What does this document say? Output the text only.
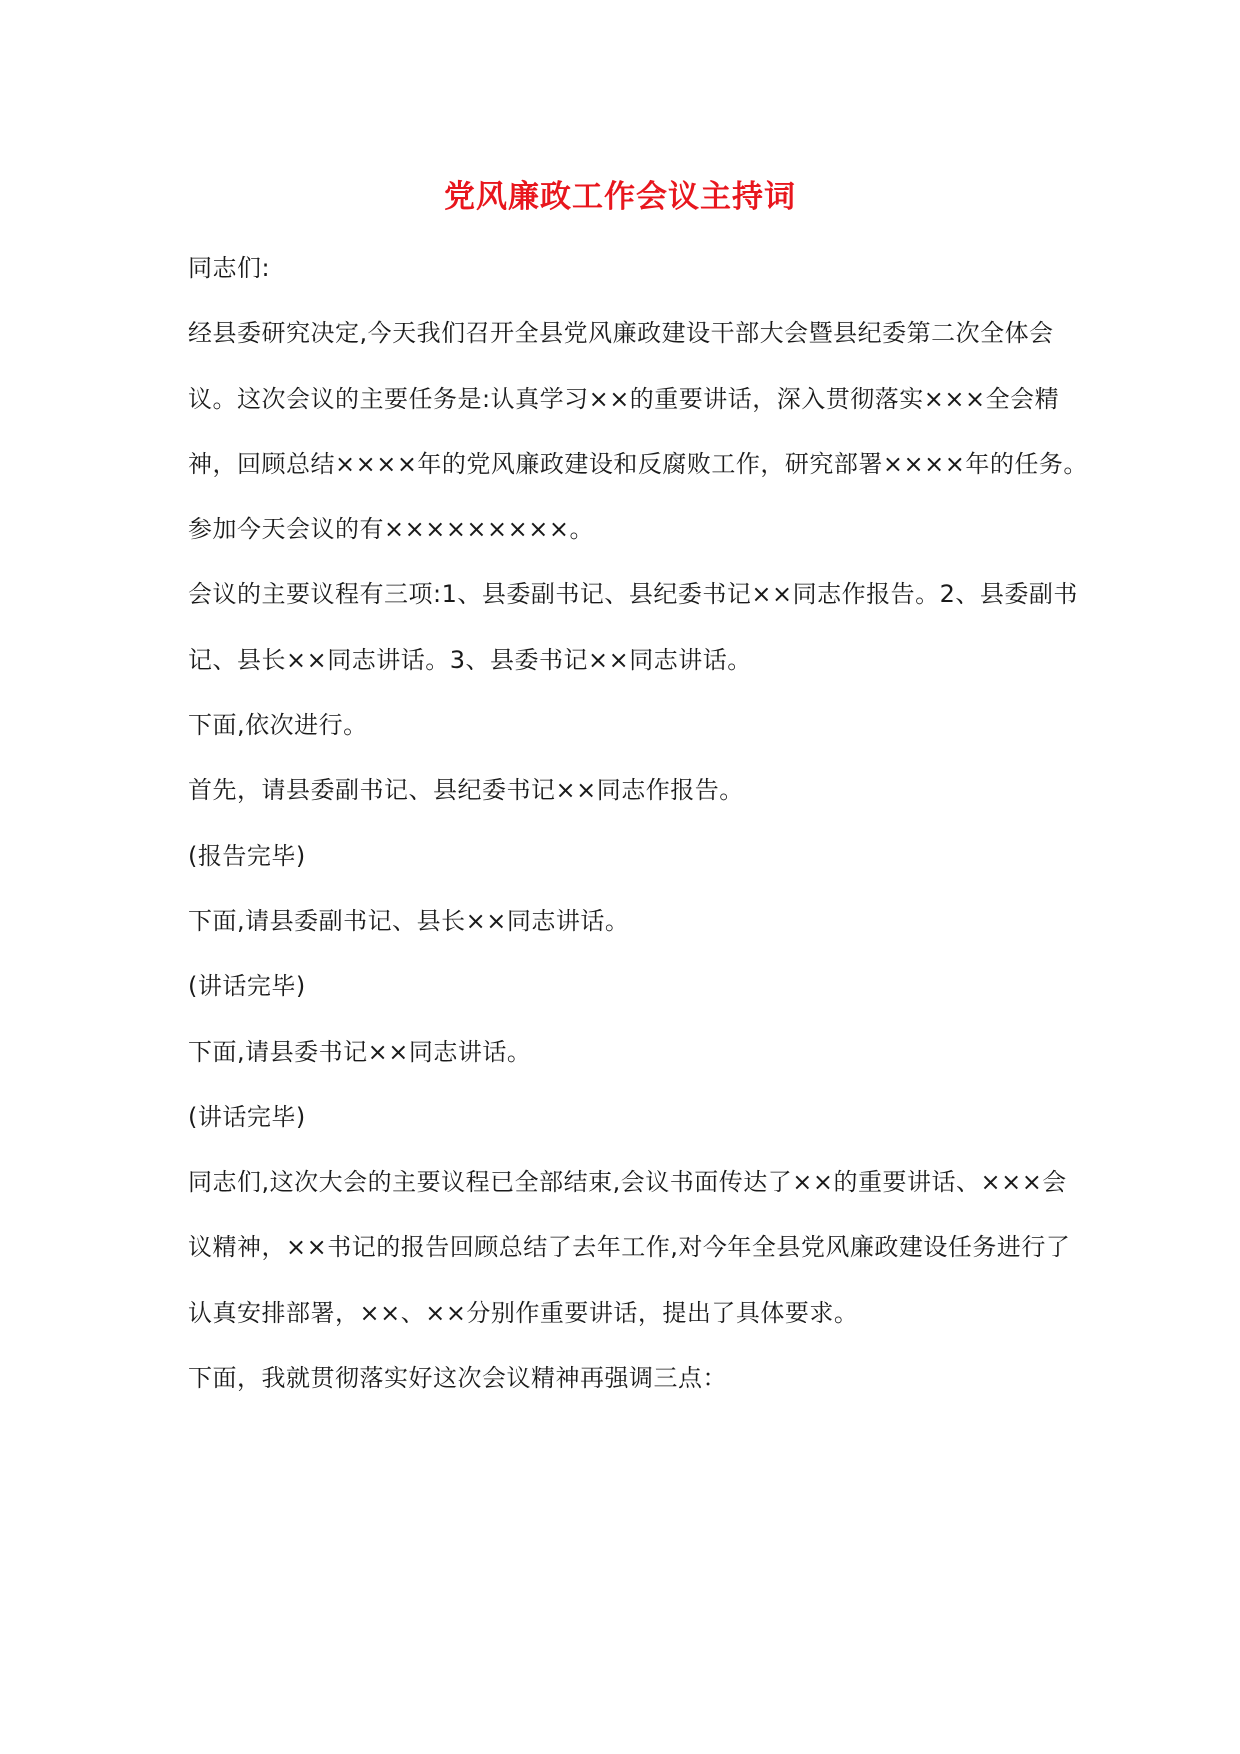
党风廉政工作会议主持词

同志们:

经县委研究决定,今天我们召开全县党风廉政建设干部大会暨县纪委第二次全体会议。这次会议的主要任务是:认真学习××的重要讲话，深入贯彻落实×××全会精神，回顾总结××××年的党风廉政建设和反腐败工作，研究部署××××年的任务。

参加今天会议的有×××××××××。

会议的主要议程有三项:1、县委副书记、县纪委书记××同志作报告。2、县委副书记、县长××同志讲话。3、县委书记××同志讲话。

下面,依次进行。

首先，请县委副书记、县纪委书记××同志作报告。

(报告完毕)

下面,请县委副书记、县长××同志讲话。

(讲话完毕)

下面,请县委书记××同志讲话。

(讲话完毕)

同志们,这次大会的主要议程已全部结束,会议书面传达了××的重要讲话、×××会议精神，××书记的报告回顾总结了去年工作,对今年全县党风廉政建设任务进行了认真安排部署，××、××分别作重要讲话，提出了具体要求。

下面，我就贯彻落实好这次会议精神再强调三点：
